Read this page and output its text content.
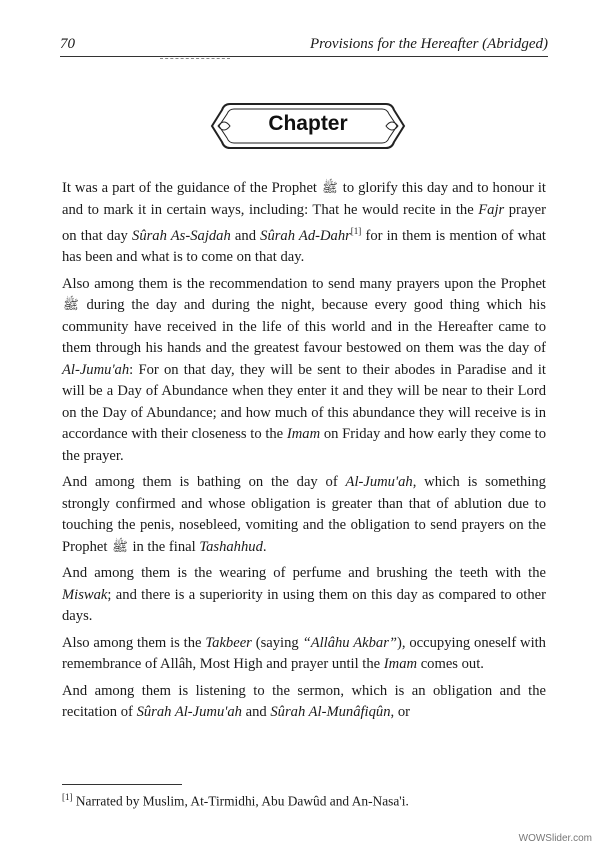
70	Provisions for the Hereafter (Abridged)
Chapter

It was a part of the guidance of the Prophet ﷺ to glorify this day and to honour it and to mark it in certain ways, including: That he would recite in the Fajr prayer on that day Sûrah As-Sajdah and Sûrah Ad-Dahr[1] for in them is mention of what has been and what is to come on that day.

Also among them is the recommendation to send many prayers upon the Prophet ﷺ during the day and during the night, because every good thing which his community have received in the life of this world and in the Hereafter came to them through his hands and the greatest favour bestowed on them was the day of Al-Jumu'ah: For on that day, they will be sent to their abodes in Paradise and it will be a Day of Abundance when they enter it and they will be near to their Lord on the Day of Abundance; and how much of this abundance they will receive is in accordance with their closeness to the Imam on Friday and how early they come to the prayer.

And among them is bathing on the day of Al-Jumu'ah, which is something strongly confirmed and whose obligation is greater than that of ablution due to touching the penis, nosebleed, vomiting and the obligation to send prayers on the Prophet ﷺ in the final Tashahhud.

And among them is the wearing of perfume and brushing the teeth with the Miswak; and there is a superiority in using them on this day as compared to other days.

Also among them is the Takbeer (saying “Allâhu Akbar”), occupying oneself with remembrance of Allâh, Most High and prayer until the Imam comes out.

And among them is listening to the sermon, which is an obligation and the recitation of Sûrah Al-Jumu'ah and Sûrah Al-Munâfiqûn, or

[1] Narrated by Muslim, At-Tirmidhi, Abu Dawûd and An-Nasa'i.
WOWSlider.com
